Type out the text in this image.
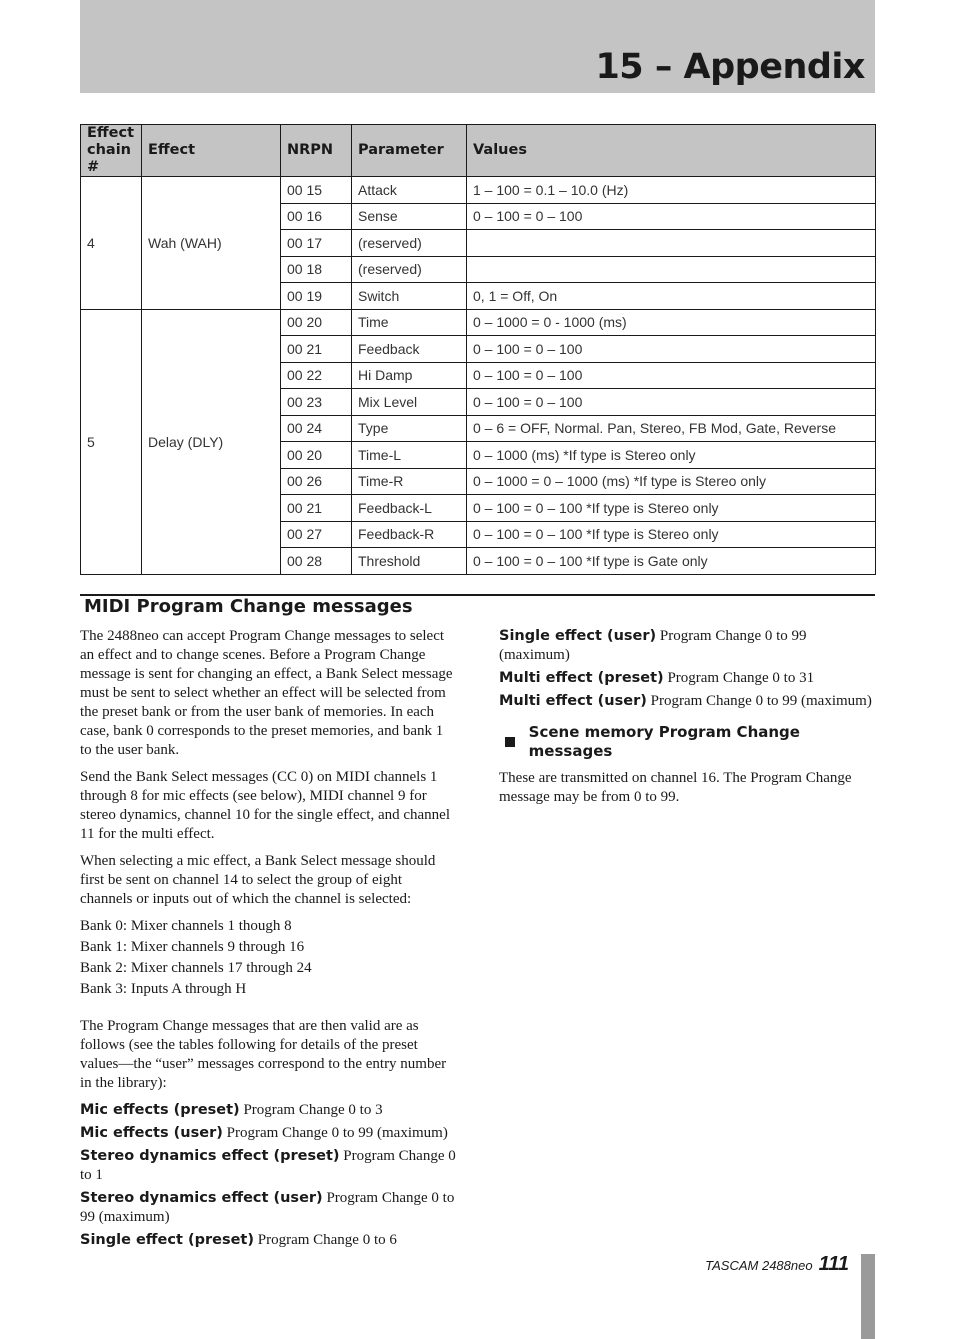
15 – Appendix
Effect chain #	Effect	NRPN	Parameter	Values
4	Wah (WAH)	00 15	Attack	1 – 100 = 0.1 – 10.0 (Hz)
		00 16	Sense	0 – 100 = 0 – 100
		00 17	(reserved)	
		00 18	(reserved)	
		00 19	Switch	0, 1 = Off, On
5	Delay (DLY)	00 20	Time	0 – 1000 = 0 - 1000 (ms)
		00 21	Feedback	0 – 100 = 0 – 100
		00 22	Hi Damp	0 – 100 = 0 – 100
		00 23	Mix Level	0 – 100 = 0 – 100
		00 24	Type	0 – 6 = OFF, Normal. Pan, Stereo, FB Mod, Gate, Reverse
		00 20	Time-L	0 – 1000 (ms) *If type is Stereo only
		00 26	Time-R	0 – 1000 = 0 – 1000 (ms) *If type is Stereo only
		00 21	Feedback-L	0 – 100 = 0 – 100 *If type is Stereo only
		00 27	Feedback-R	0 – 100 = 0 – 100 *If type is Stereo only
		00 28	Threshold	0 – 100 = 0 – 100 *If type is Gate only
MIDI Program Change messages

The 2488neo can accept Program Change messages to select an effect and to change scenes. Before a Program Change message is sent for changing an effect, a Bank Select message must be sent to select whether an effect will be selected from the preset bank or from the user bank of memories. In each case, bank 0 corresponds to the preset memories, and bank 1 to the user bank.

Send the Bank Select messages (CC 0) on MIDI channels 1 through 8 for mic effects (see below), MIDI channel 9 for stereo dynamics, channel 10 for the single effect, and channel 11 for the multi effect.

When selecting a mic effect, a Bank Select message should first be sent on channel 14 to select the group of eight channels or inputs out of which the channel is selected:

Bank 0: Mixer channels 1 though 8

Bank 1: Mixer channels 9 through 16

Bank 2: Mixer channels 17 through 24

Bank 3: Inputs A through H

The Program Change messages that are then valid are as follows (see the tables following for details of the preset values—the “user” messages correspond to the entry number in the library):

Mic effects (preset) Program Change 0 to 3
Mic effects (user) Program Change 0 to 99 (maximum)
Stereo dynamics effect (preset) Program Change 0 to 1
Stereo dynamics effect (user) Program Change 0 to 99 (maximum)
Single effect (preset) Program Change 0 to 6
Single effect (user) Program Change 0 to 99 (maximum)
Multi effect (preset) Program Change 0 to 31
Multi effect (user) Program Change 0 to 99 (maximum)
Scene memory Program Change messages

These are transmitted on channel 16. The Program Change message may be from 0 to 99.

TASCAM 2488neo 111
